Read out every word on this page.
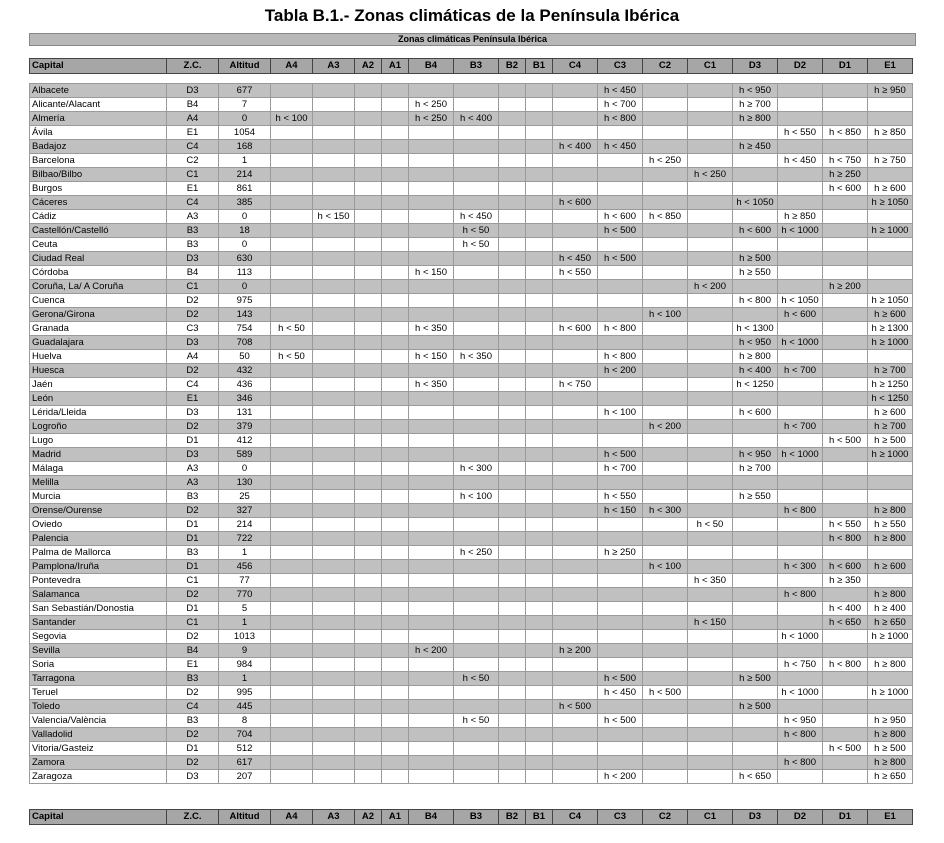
Tabla B.1.- Zonas climáticas de la Península Ibérica
Zonas climáticas Península Ibérica
Capital	Z.C.	Altitud	A4	A3	A2	A1	B4	B3	B2	B1	C4	C3	C2	C1	D3	D2	D1	E1
Albacete	D3	677										h < 450			h < 950			h ≥ 950
Alicante/Alacant	B4	7					h < 250					h < 700			h ≥ 700			
Almería	A4	0	h < 100				h < 250	h < 400				h < 800			h ≥ 800			
Ávila	E1	1054														h < 550	h < 850	h ≥ 850
Badajoz	C4	168									h < 400	h < 450			h ≥ 450			
Barcelona	C2	1											h < 250			h < 450	h < 750	h ≥ 750
Bilbao/Bilbo	C1	214												h < 250			h ≥ 250	
Burgos	E1	861															h < 600	h ≥ 600
Cáceres	C4	385									h < 600				h < 1050			h ≥ 1050
Cádiz	A3	0		h < 150				h < 450				h < 600	h < 850			h ≥ 850		
Castellón/Castelló	B3	18						h < 50				h < 500			h < 600	h < 1000		h ≥ 1000
Ceuta	B3	0						h < 50										
Ciudad Real	D3	630									h < 450	h < 500			h ≥ 500			
Córdoba	B4	113					h < 150				h < 550				h ≥ 550			
Coruña, La/ A Coruña	C1	0												h < 200			h ≥ 200	
Cuenca	D2	975													h < 800	h < 1050		h ≥ 1050
Gerona/Girona	D2	143											h < 100			h < 600		h ≥ 600
Granada	C3	754	h < 50				h < 350				h < 600	h < 800			h < 1300			h ≥ 1300
Guadalajara	D3	708													h < 950	h < 1000		h ≥ 1000
Huelva	A4	50	h < 50				h < 150	h < 350				h < 800			h ≥ 800			
Huesca	D2	432										h < 200			h < 400	h < 700		h ≥ 700
Jaén	C4	436					h < 350				h < 750				h < 1250			h ≥ 1250
León	E1	346																h < 1250
Lérida/Lleida	D3	131										h < 100			h < 600			h ≥ 600
Logroño	D2	379											h < 200			h < 700		h ≥ 700
Lugo	D1	412															h < 500	h ≥ 500
Madrid	D3	589										h < 500			h < 950	h < 1000		h ≥ 1000
Málaga	A3	0						h < 300				h < 700			h ≥ 700			
Melilla	A3	130																
Murcia	B3	25						h < 100				h < 550			h ≥ 550			
Orense/Ourense	D2	327										h < 150	h < 300			h < 800		h ≥ 800
Oviedo	D1	214												h < 50			h < 550	h ≥ 550
Palencia	D1	722															h < 800	h ≥ 800
Palma de Mallorca	B3	1						h < 250				h ≥ 250						
Pamplona/Iruña	D1	456											h < 100			h < 300	h < 600	h ≥ 600
Pontevedra	C1	77												h < 350			h ≥ 350	
Salamanca	D2	770														h < 800		h ≥ 800
San Sebastián/Donostia	D1	5															h < 400	h ≥ 400
Santander	C1	1												h < 150			h < 650	h ≥ 650
Segovia	D2	1013														h < 1000		h ≥ 1000
Sevilla	B4	9					h < 200				h ≥ 200							
Soria	E1	984														h < 750	h < 800	h ≥ 800
Tarragona	B3	1						h < 50				h < 500			h ≥ 500			
Teruel	D2	995										h < 450	h < 500			h < 1000		h ≥ 1000
Toledo	C4	445									h < 500				h ≥ 500			
Valencia/València	B3	8						h < 50				h < 500				h < 950		h ≥ 950
Valladolid	D2	704														h < 800		h ≥ 800
Vitoria/Gasteiz	D1	512															h < 500	h ≥ 500
Zamora	D2	617														h < 800		h ≥ 800
Zaragoza	D3	207										h < 200			h < 650			h ≥ 650
Capital	Z.C.	Altitud	A4	A3	A2	A1	B4	B3	B2	B1	C4	C3	C2	C1	D3	D2	D1	E1
